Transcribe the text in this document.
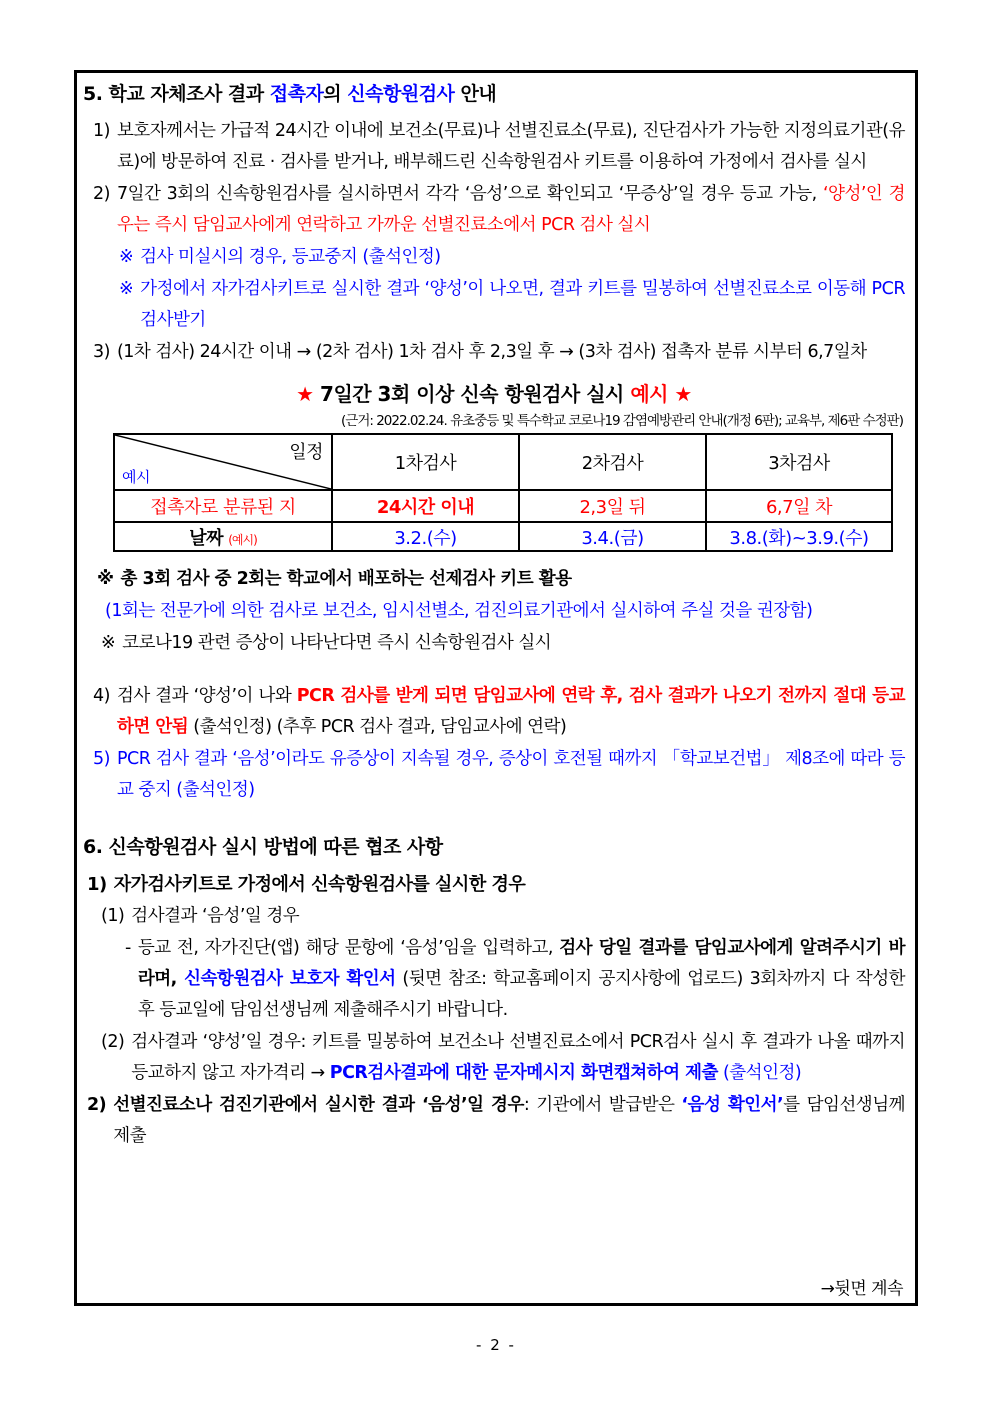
5. 학교 자체조사 결과 접촉자의 신속항원검사 안내
1) 보호자께서는 가급적 24시간 이내에 보건소(무료)나 선별진료소(무료), 진단검사가 가능한 지정의료기관(유료)에 방문하여 진료 · 검사를 받거나, 배부해드린 신속항원검사 키트를 이용하여 가정에서 검사를 실시
2) 7일간 3회의 신속항원검사를 실시하면서 각각 ‘음성’으로 확인되고 ‘무증상’일 경우 등교 가능, ‘양성’인 경우는 즉시 담임교사에게 연락하고 가까운 선별진료소에서 PCR 검사 실시
※ 검사 미실시의 경우, 등교중지 (출석인정)
※ 가정에서 자가검사키트로 실시한 결과 ‘양성’이 나오면, 결과 키트를 밀봉하여 선별진료소로 이동해 PCR 검사받기
3) (1차 검사) 24시간 이내 → (2차 검사) 1차 검사 후 2,3일 후 → (3차 검사) 접촉자 분류 시부터 6,7일차
★ 7일간 3회 이상 신속 항원검사 실시 예시 ★
(근거: 2022.02.24. 유초중등 및 특수학교 코로나19 감염예방관리 안내(개정 6판); 교육부, 제6판 수정판)
일정
예시	1차검사	2차검사	3차검사
접촉자로 분류된 지	24시간 이내	2,3일 뒤	6,7일 차
날짜 (예시)	3.2.(수)	3.4.(금)	3.8.(화)~3.9.(수)
※ 총 3회 검사 중 2회는 학교에서 배포하는 선제검사 키트 활용
(1회는 전문가에 의한 검사로 보건소, 임시선별소, 검진의료기관에서 실시하여 주실 것을 권장함)
※ 코로나19 관련 증상이 나타난다면 즉시 신속항원검사 실시
4) 검사 결과 ‘양성’이 나와 PCR 검사를 받게 되면 담임교사에 연락 후, 검사 결과가 나오기 전까지 절대 등교하면 안됨 (출석인정) (추후 PCR 검사 결과, 담임교사에 연락)
5) PCR 검사 결과 ‘음성’이라도 유증상이 지속될 경우, 증상이 호전될 때까지 「학교보건법」 제8조에 따라 등교 중지 (출석인정)
6. 신속항원검사 실시 방법에 따른 협조 사항
1) 자가검사키트로 가정에서 신속항원검사를 실시한 경우
(1) 검사결과 ‘음성’일 경우
- 등교 전, 자가진단(앱) 해당 문항에 ‘음성’임을 입력하고, 검사 당일 결과를 담임교사에게 알려주시기 바라며, 신속항원검사 보호자 확인서 (뒷면 참조: 학교홈페이지 공지사항에 업로드) 3회차까지 다 작성한 후 등교일에 담임선생님께 제출해주시기 바랍니다.
(2) 검사결과 ‘양성’일 경우: 키트를 밀봉하여 보건소나 선별진료소에서 PCR검사 실시 후 결과가 나올 때까지 등교하지 않고 자가격리 → PCR검사결과에 대한 문자메시지 화면캡쳐하여 제출 (출석인정)
2) 선별진료소나 검진기관에서 실시한 결과 ‘음성’일 경우: 기관에서 발급받은 ‘음성 확인서’를 담임선생님께 제출
→뒷면 계속
- 2 -
